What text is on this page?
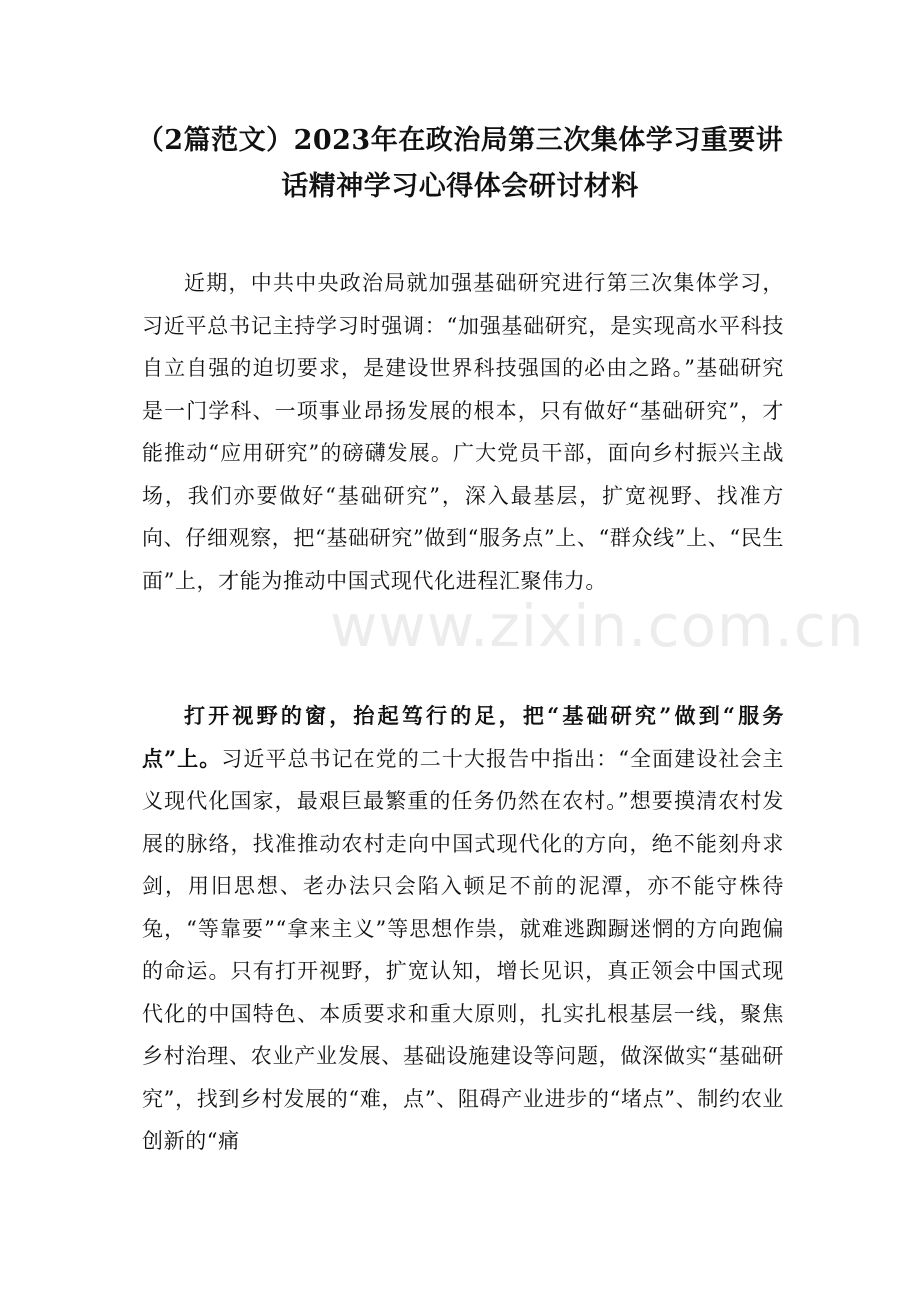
（2篇范文）2023年在政治局第三次集体学习重要讲
话精神学习心得体会研讨材料

近期，中共中央政治局就加强基础研究进行第三次集体学习，习近平总书记主持学习时强调：“加强基础研究，是实现高水平科技自立自强的迫切要求，是建设世界科技强国的必由之路。”基础研究是一门学科、一项事业昂扬发展的根本，只有做好“基础研究”，才能推动“应用研究”的磅礴发展。广大党员干部，面向乡村振兴主战场，我们亦要做好“基础研究”，深入最基层，扩宽视野、找准方向、仔细观察，把“基础研究”做到“服务点”上、“群众线”上、“民生面”上，才能为推动中国式现代化进程汇聚伟力。

打开视野的窗，抬起笃行的足，把“基础研究”做到“服务点”上。习近平总书记在党的二十大报告中指出：“全面建设社会主义现代化国家，最艰巨最繁重的任务仍然在农村。”想要摸清农村发展的脉络，找准推动农村走向中国式现代化的方向，绝不能刻舟求剑，用旧思想、老办法只会陷入顿足不前的泥潭，亦不能守株待兔，“等靠要”“拿来主义”等思想作祟，就难逃踟蹰迷惘的方向跑偏的命运。只有打开视野，扩宽认知，增长见识，真正领会中国式现代化的中国特色、本质要求和重大原则，扎实扎根基层一线，聚焦乡村治理、农业产业发展、基础设施建设等问题，做深做实“基础研究”，找到乡村发展的“难，点”、阻碍产业进步的“堵点”、制约农业创新的“痛

www.zixin.com.cn
